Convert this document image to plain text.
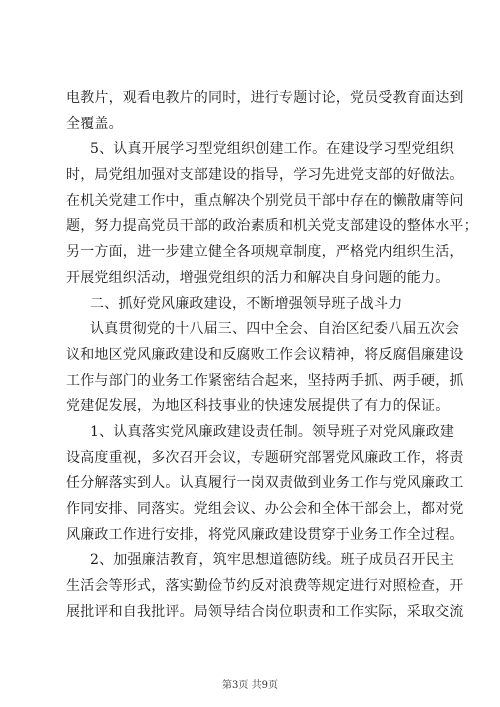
电教片，观看电教片的同时，进行专题讨论，党员受教育面达到
全覆盖。
5、认真开展学习型党组织创建工作。在建设学习型党组织
时，局党组加强对支部建设的指导，学习先进党支部的好做法。
在机关党建工作中，重点解决个别党员干部中存在的懒散庸等问
题，努力提高党员干部的政治素质和机关党支部建设的整体水平；
另一方面，进一步建立健全各项规章制度，严格党内组织生活，
开展党组织活动，增强党组织的活力和解决自身问题的能力。
二、抓好党风廉政建设，不断增强领导班子战斗力
认真贯彻党的十八届三、四中全会、自治区纪委八届五次会
议和地区党风廉政建设和反腐败工作会议精神，将反腐倡廉建设
工作与部门的业务工作紧密结合起来，坚持两手抓、两手硬，抓
党建促发展，为地区科技事业的快速发展提供了有力的保证。
1、认真落实党风廉政建设责任制。领导班子对党风廉政建
设高度重视，多次召开会议，专题研究部署党风廉政工作，将责
任分解落实到人。认真履行一岗双责做到业务工作与党风廉政工
作同安排、同落实。党组会议、办公会和全体干部会上，都对党
风廉政工作进行安排，将党风廉政建设贯穿于业务工作全过程。
2、加强廉洁教育，筑牢思想道德防线。班子成员召开民主
生活会等形式，落实勤俭节约反对浪费等规定进行对照检查，开
展批评和自我批评。局领导结合岗位职责和工作实际，采取交流
第3页 共9页
